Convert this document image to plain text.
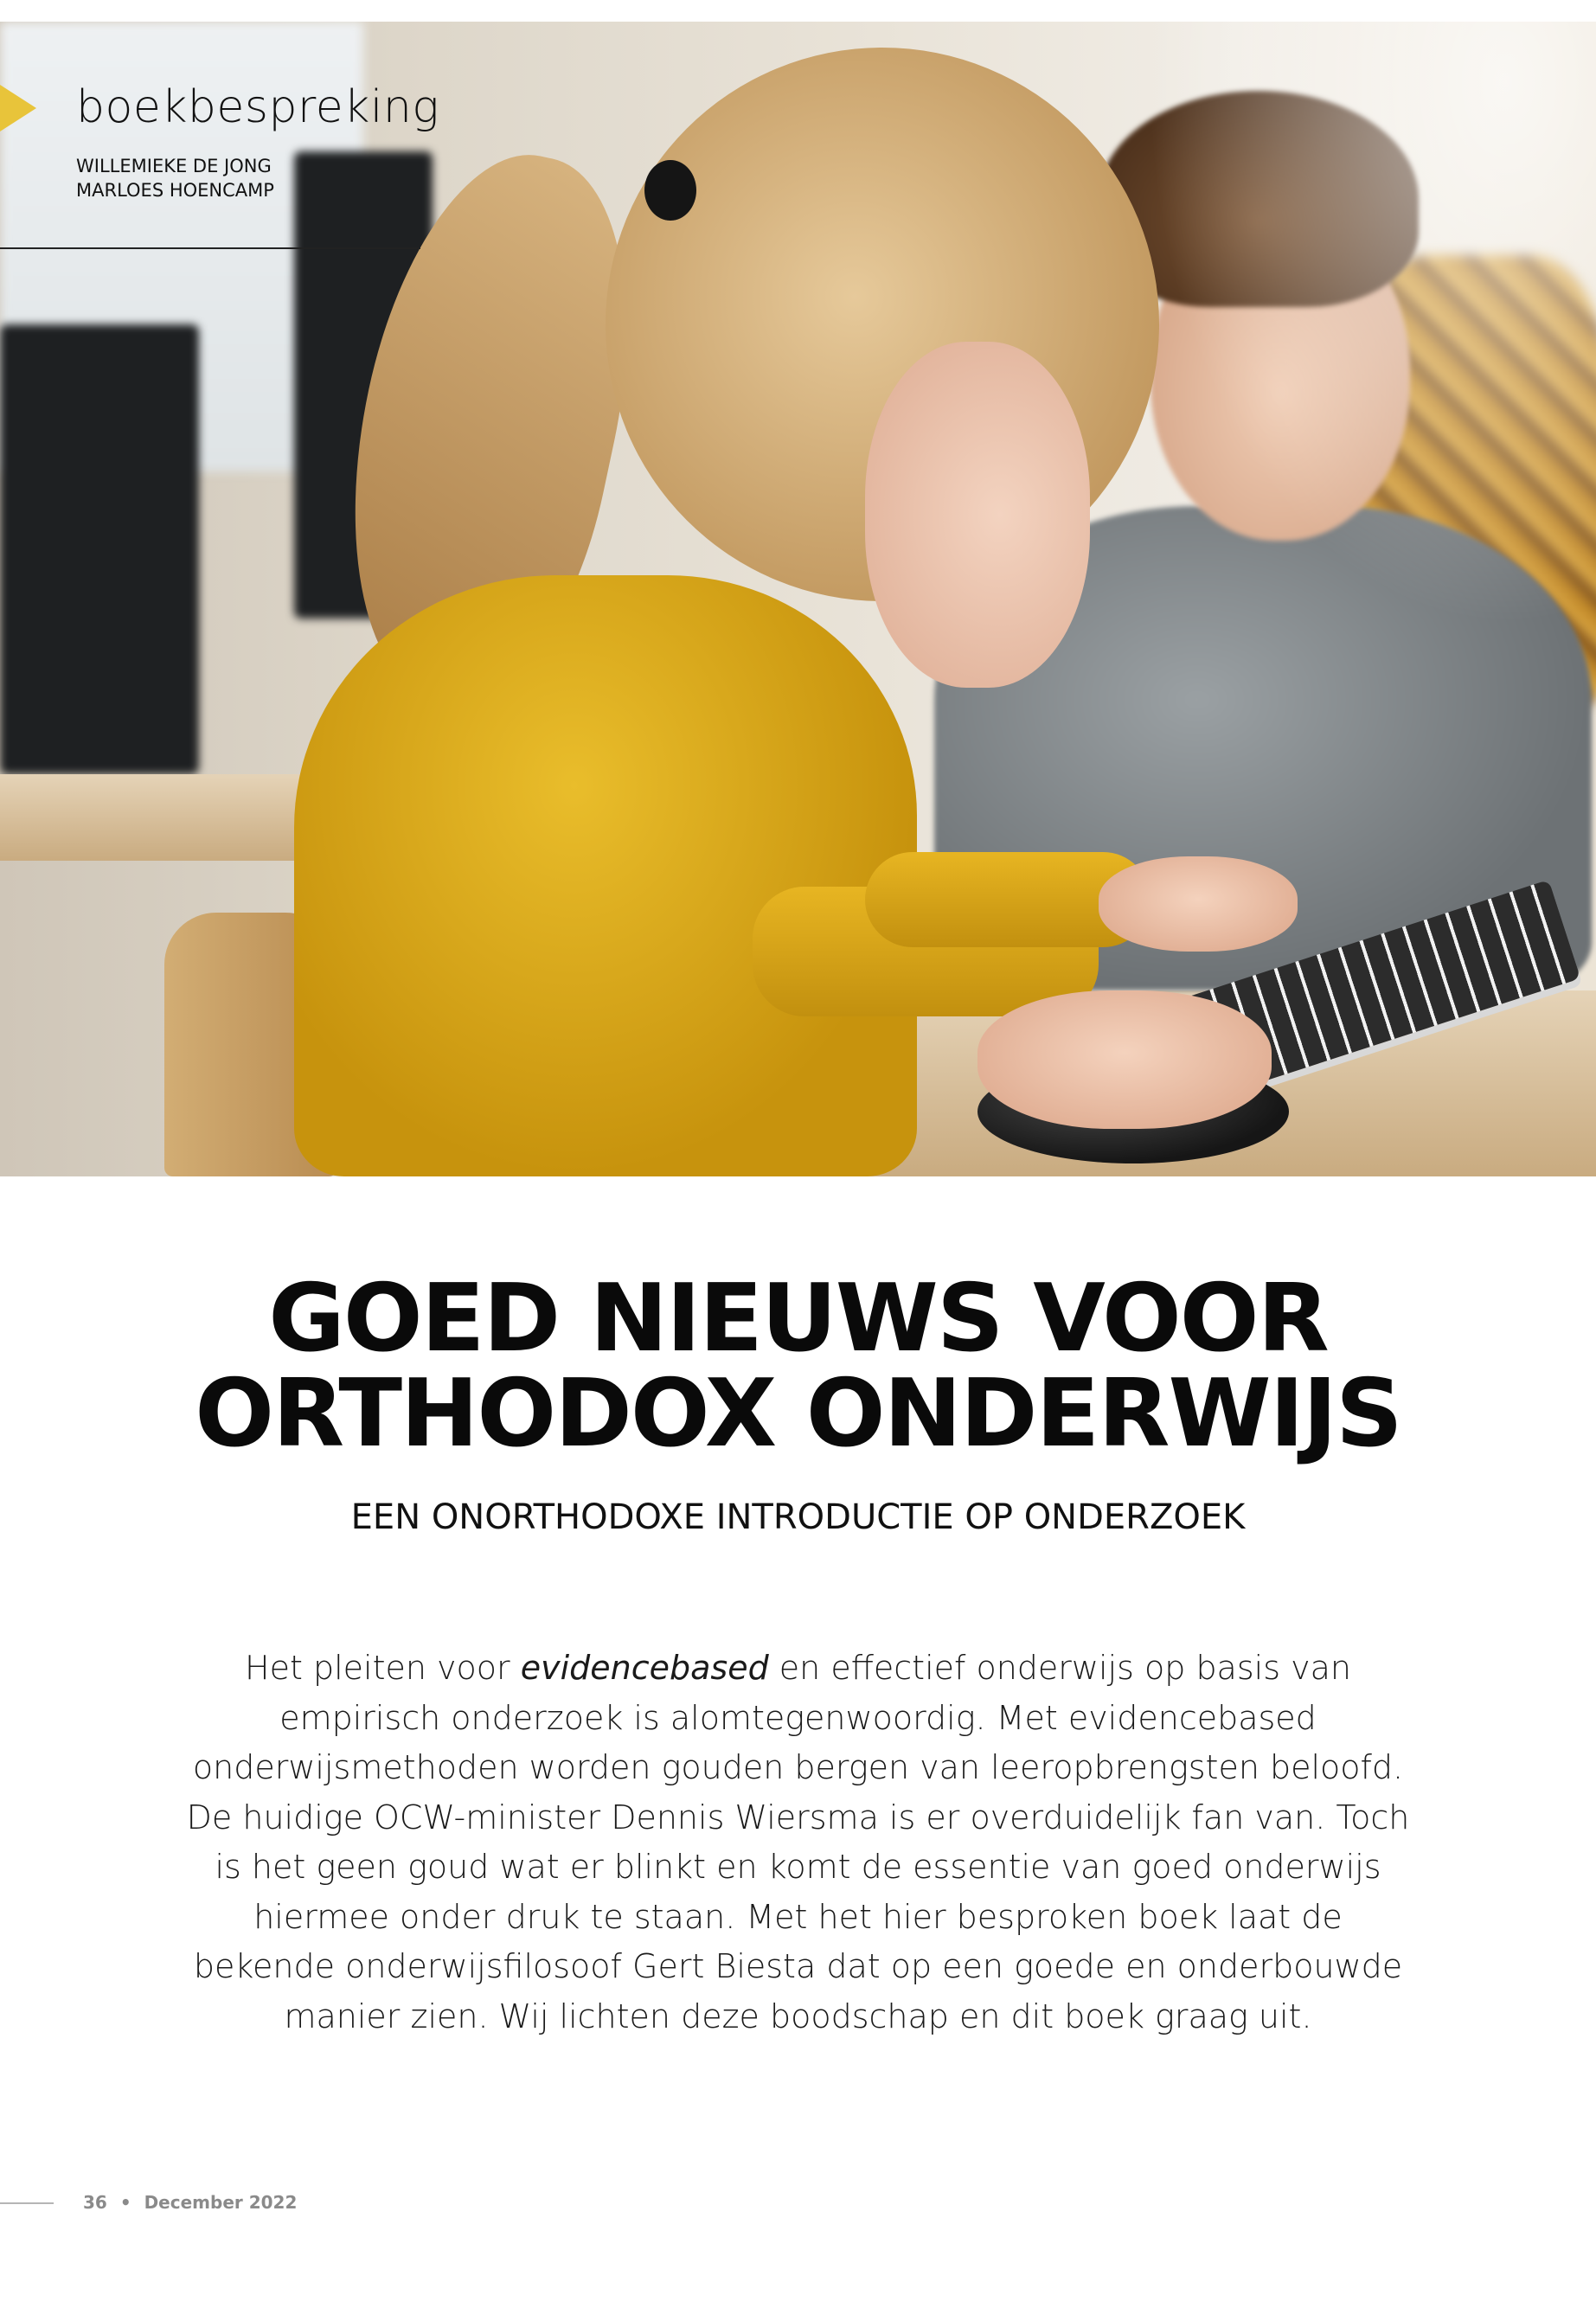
boekbespreking
WILLEMIEKE DE JONG
MARLOES HOENCAMP
GOED NIEUWS VOOR
ORTHODOX ONDERWIJS
EEN ONORTHODOXE INTRODUCTIE OP ONDERZOEK
Het pleiten voor evidencebased en effectief onderwijs op basis van
empirisch onderzoek is alomtegenwoordig. Met evidencebased
onderwijsmethoden worden gouden bergen van leeropbrengsten beloofd.
De huidige OCW-minister Dennis Wiersma is er overduidelijk fan van. Toch
is het geen goud wat er blinkt en komt de essentie van goed onderwijs
hiermee onder druk te staan. Met het hier besproken boek laat de
bekende onderwijsfilosoof Gert Biesta dat op een goede en onderbouwde
manier zien. Wij lichten deze boodschap en dit boek graag uit.
36 • December 2022
